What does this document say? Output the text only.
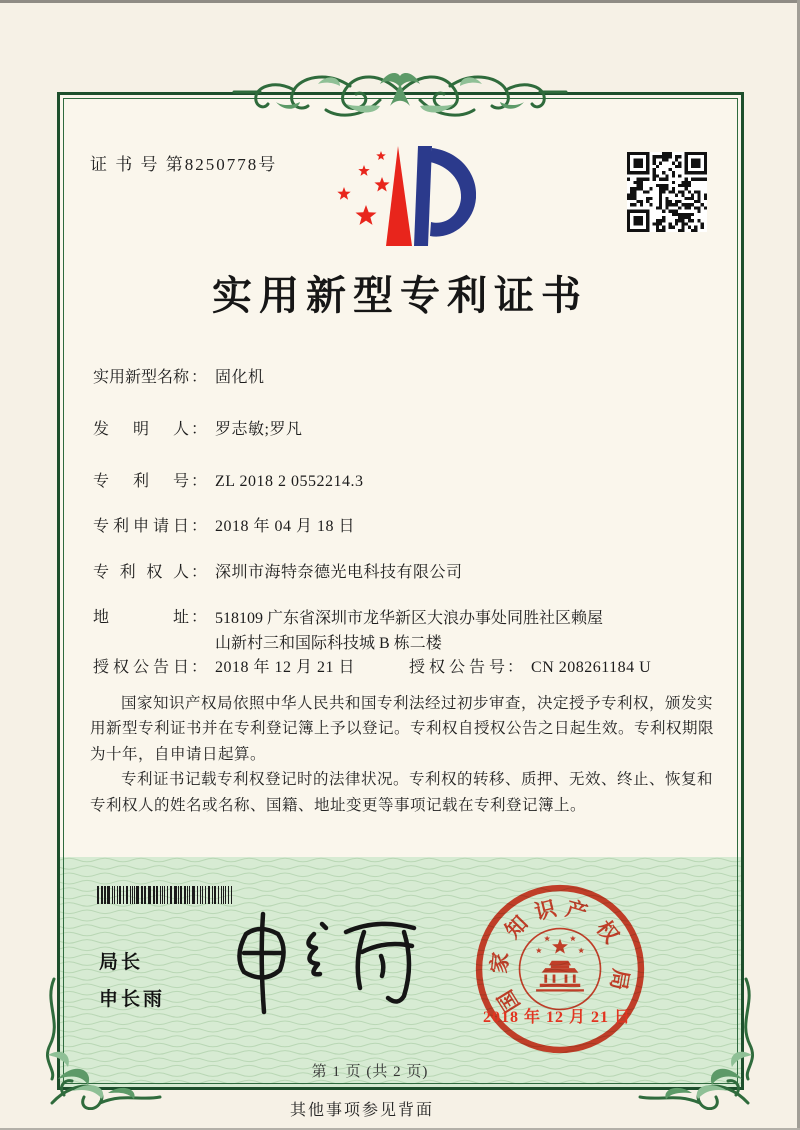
证 书 号 第8250778号
实用新型专利证书
实用新型名称 ： 固化机
发明人 ： 罗志敏;罗凡
专利号 ： ZL 2018 2 0552214.3
专利申请日 ： 2018 年 04 月 18 日
专利权人 ： 深圳市海特奈德光电科技有限公司
地址 ： 518109 广东省深圳市龙华新区大浪办事处同胜社区赖屋
山新村三和国际科技城 B 栋二楼
授权公告日 ： 2018 年 12 月 21 日	授权公告号 ： CN 208261184 U

国家知识产权局依照中华人民共和国专利法经过初步审查，决定授予专利权，颁发实用新型专利证书并在专利登记簿上予以登记。专利权自授权公告之日起生效。专利权期限为十年，自申请日起算。

专利证书记载专利权登记时的法律状况。专利权的转移、质押、无效、终止、恢复和专利权人的姓名或名称、国籍、地址变更等事项记载在专利登记簿上。

局长
申长雨	国
家
知
识 产
权
局
2018 年 12 月 21 日
第 1 页 (共 2 页)
其他事项参见背面
